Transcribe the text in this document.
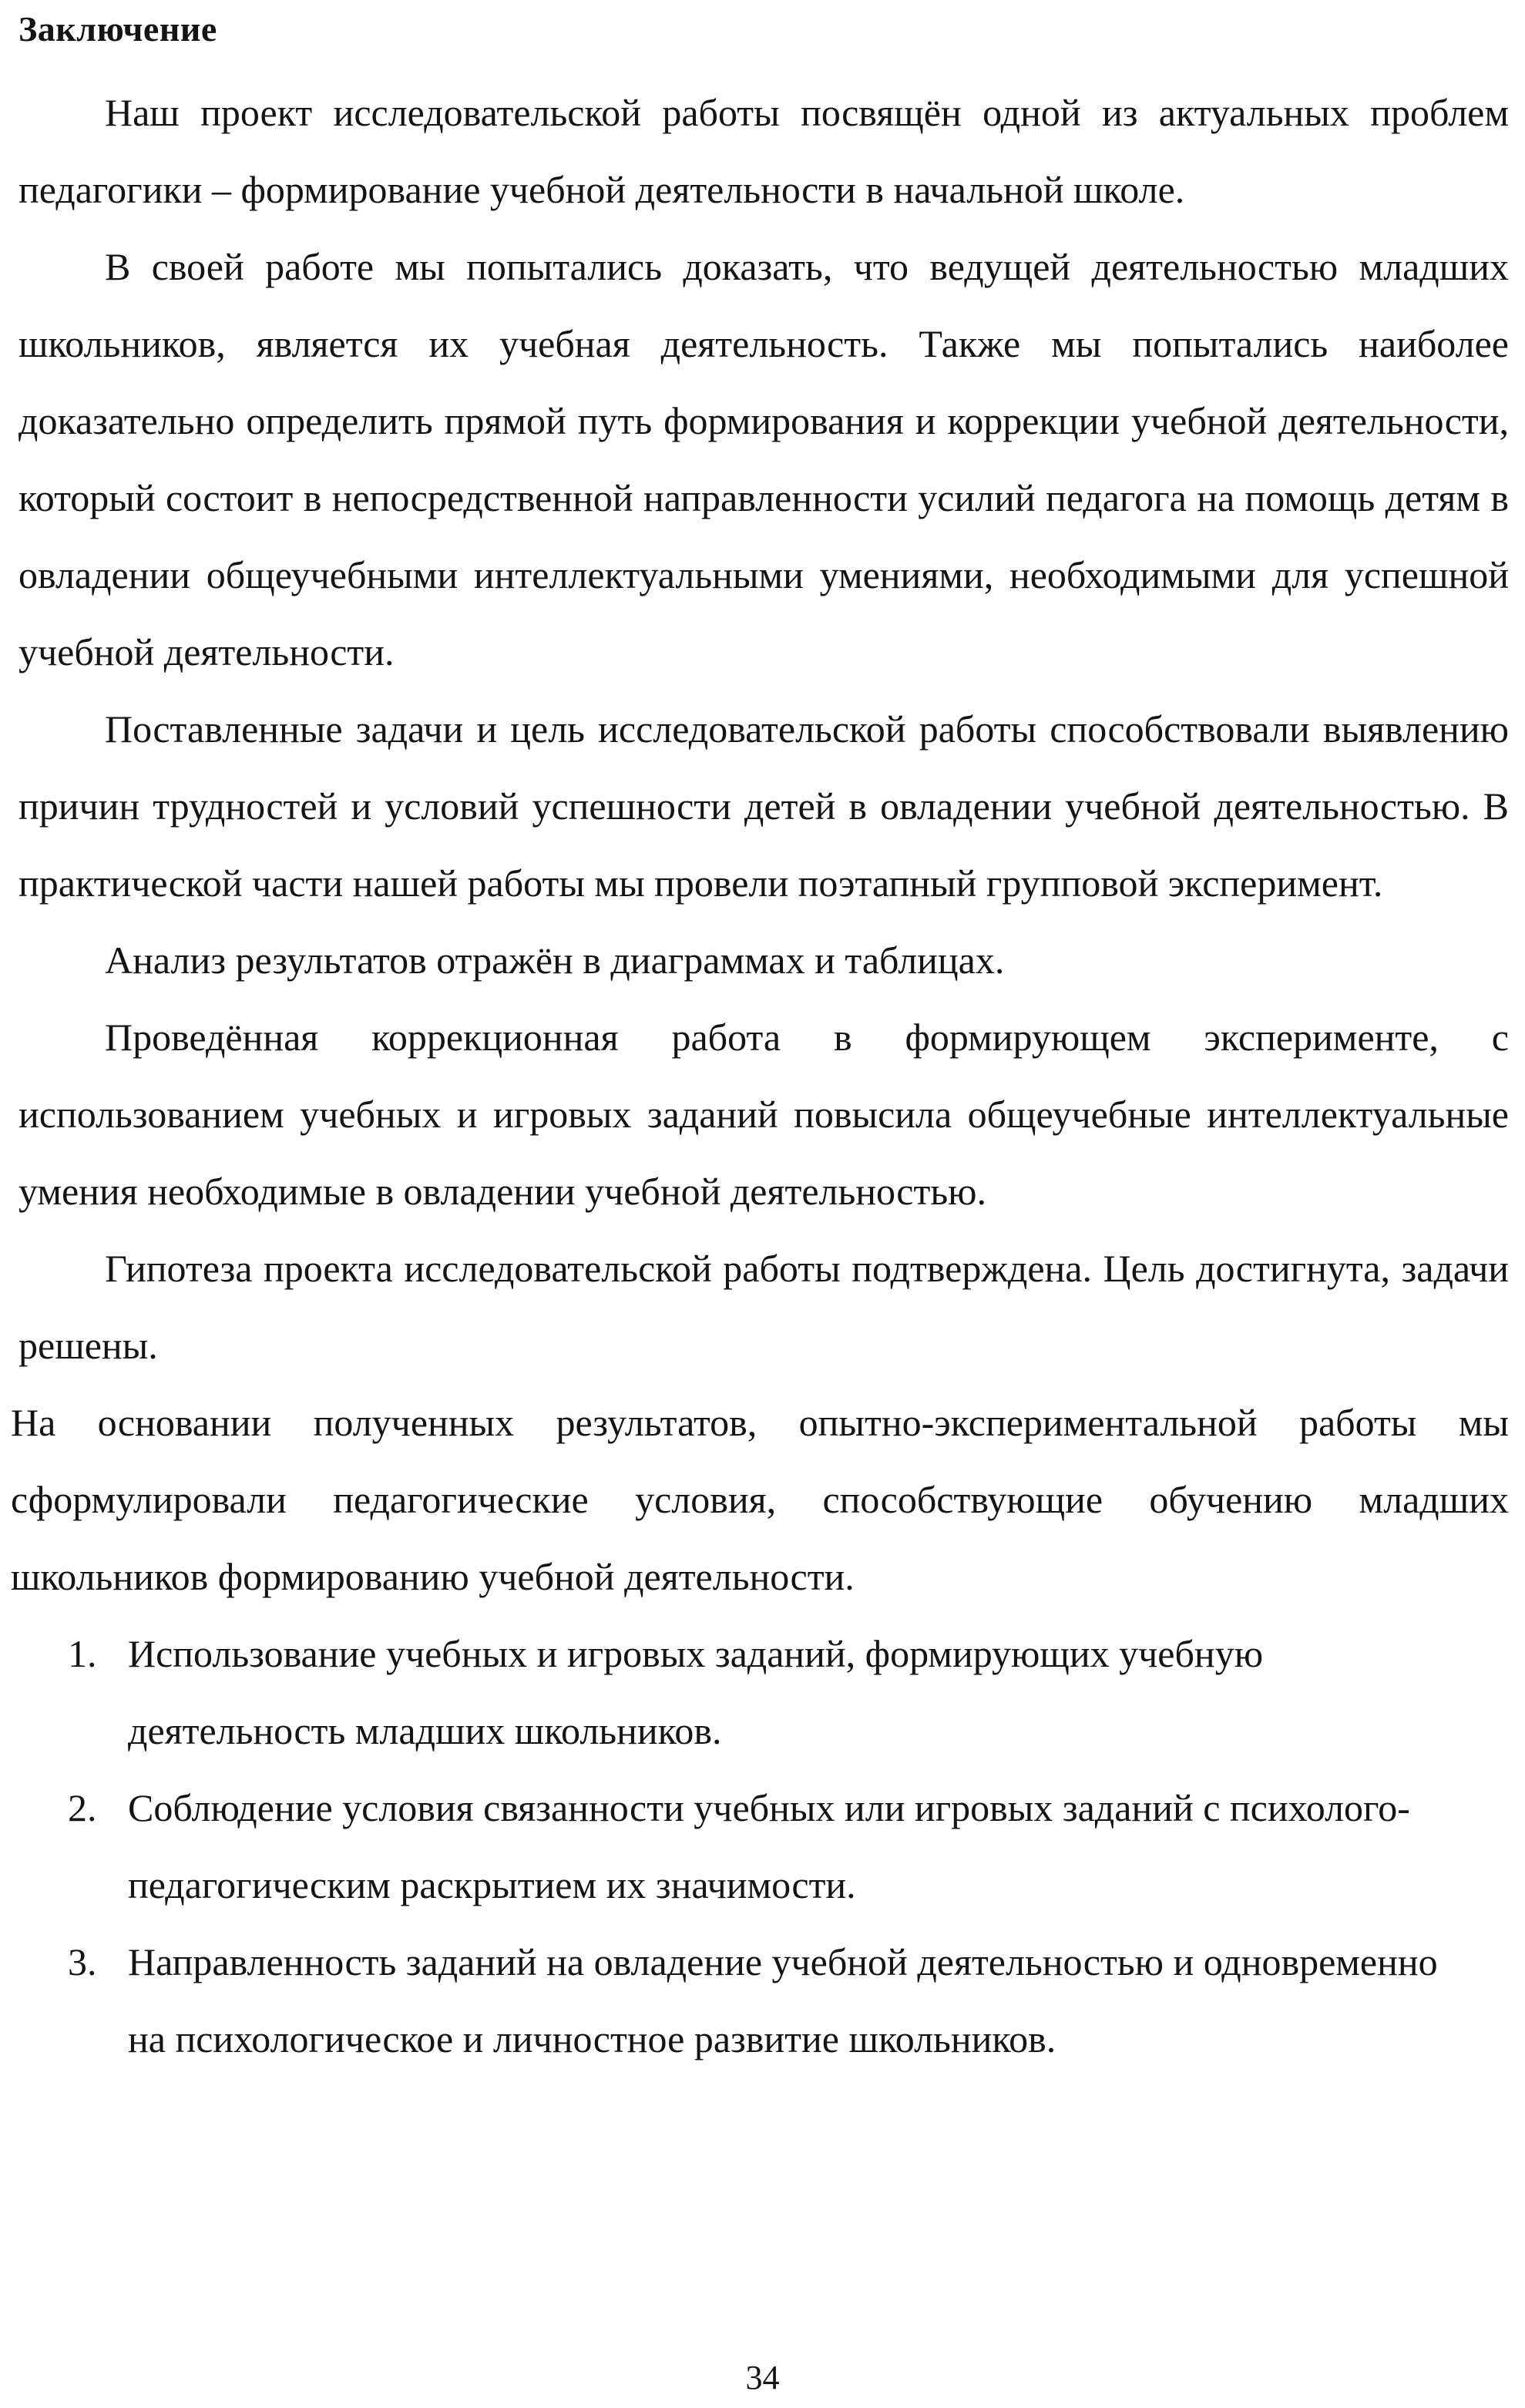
Заключение

Наш проект исследовательской работы посвящён одной из актуальных проблем педагогики – формирование учебной деятельности в начальной школе.

В своей работе мы попытались доказать, что ведущей деятельностью младших школьников, является их учебная деятельность. Также мы попытались наиболее доказательно определить прямой путь формирования и коррекции учебной деятельности, который состоит в непосредственной направленности усилий педагога на помощь детям в овладении общеучебными интеллектуальными умениями, необходимыми для успешной учебной деятельности.

Поставленные задачи и цель исследовательской работы способствовали выявлению причин трудностей и условий успешности детей в овладении учебной деятельностью. В практической части нашей работы мы провели поэтапный групповой эксперимент.

Анализ результатов отражён в диаграммах и таблицах.

Проведённая коррекционная работа в формирующем эксперименте, с использованием учебных и игровых заданий повысила общеучебные интеллектуальные умения необходимые в овладении учебной деятельностью.

Гипотеза проекта исследовательской работы подтверждена. Цель достигнута, задачи решены.

На основании полученных результатов, опытно-экспериментальной работы мы сформулировали педагогические условия, способствующие обучению младших школьников формированию учебной деятельности.

1. Использование учебных и игровых заданий, формирующих учебную деятельность младших школьников.
2. Соблюдение условия связанности учебных или игровых заданий с психолого-педагогическим раскрытием их значимости.
3. Направленность заданий на овладение учебной деятельностью и одновременно на психологическое и личностное развитие школьников.
34
